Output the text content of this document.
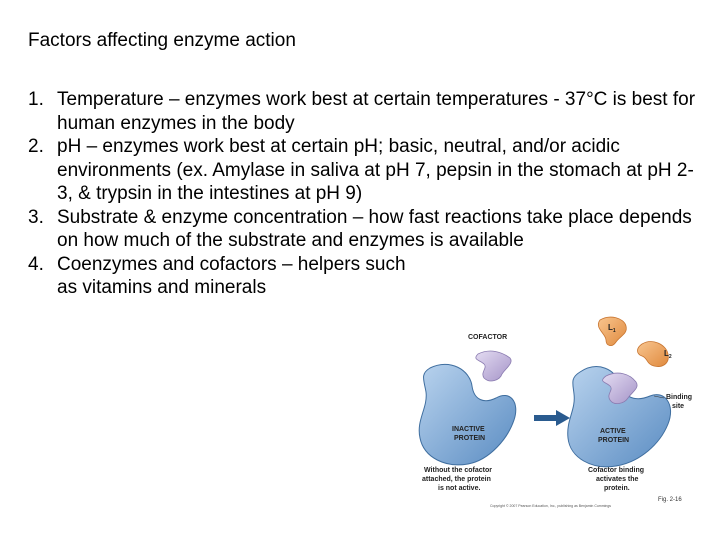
Factors affecting enzyme action
1. Temperature – enzymes work best at certain temperatures - 37°C is best for human enzymes in the body
2. pH – enzymes work best at certain pH; basic, neutral, and/or acidic environments (ex. Amylase in saliva at pH 7, pepsin in the stomach at pH 2-3, & trypsin in the intestines at pH 9)
3. Substrate & enzyme concentration – how fast reactions take place depends on how much of the substrate and enzymes is available
4. Coenzymes and cofactors – helpers such as vitamins and minerals
COFACTOR
INACTIVE
PROTEIN
ACTIVE
PROTEIN
$L_1$
$L_2$
Binding
site
Without the cofactor
attached, the protein
is not active.
Cofactor binding
activates the
protein.
Copyright © 2007 Pearson Education, Inc., publishing as Benjamin Cummings
Fig. 2-16
